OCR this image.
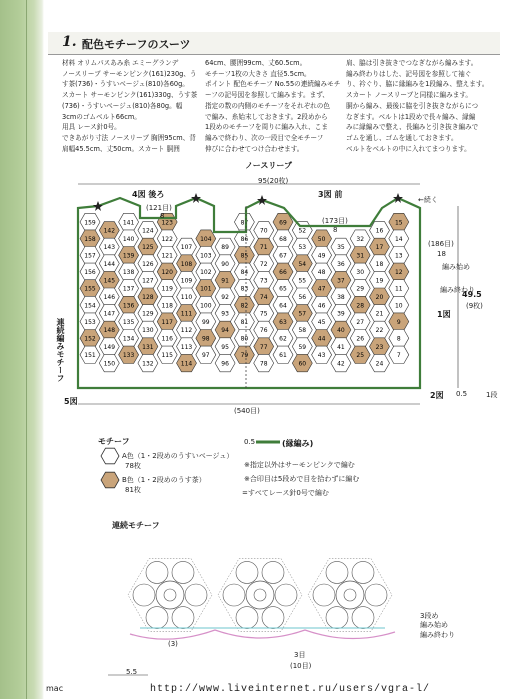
1. 配色モチーフのスーツ
材料 オリムパスあみ糸 エミーグランデ
ノースリーブ サーモンピンク(161)230g、う
す茶(736)・うすいベージュ(810)各60g。
スカート サーモンピンク(161)330g、うす茶
(736)・うすいベージュ(810)各80g。幅
3cmのゴムベルト66cm。
用具 レース針0号。
できあがり寸法 ノースリーブ 胸囲95cm、背
肩幅45.5cm、丈50cm。スカート 胴囲
64cm、腰囲99cm、丈60.5cm。
モチーフ1枚の大きさ 直径5.5cm。
ポイント 配色モチーフ No.55の連続編みモチ
ーフの記号図を参照して編みます。まず、
指定の数の内側のモチーフをそれぞれの色
で編み、糸始末しておきます。2段めから
1段めのモチーフを周りに編み入れ、こま
編みで終わり、次の一段目で全モチーフ
伸びに合わせてつけ合わせます。
肩、脇は引き抜きでつなぎながら編みます。
編み終わりはした、記号図を参照して袖ぐ
り、衿ぐり、脇に縁編みを1段編み、整えます。
スカート ノースリーブと同様に編みます。
胴から編み、最後に脇を引き抜きながらにつ
なぎます。ベルトは1段めで長々編み、縁編
みに縁編みで整え、長編みと引き抜き編みで
ゴムを通し、ゴムを通しておきます。
ベルトをベルトの中に入れてまつります。
159
142
141
124
123	87
70
69
52	16
15
158
143
140
125
122
107
104
89
86
71
68
53
50
35
32
17
14
157
144
139
126
121
108
103
90
85
72
67
54
49
36
31
18
13
156
145
138
127
120
109
102
91
84
73
66
55
48
37
30
19
12
155
146
137
128
119
110
101
92
83
74
65
56
47
38
29
20
11
154
147
136
129
118
111
100
93
82
75
64
57
46
39
28
21
10
153
148
135
130
117
112
99
94
81
76
63
58
45
40
27
22
9
152
149
134
131
116
113
98
95
80
77
62
59
44
41
26
23
8
151
150
133
132
115
114
97
96
79
78
61
60
43
42
25
24
7
ノースリーブ
95(20枚)
4図 後ろ	3図 前
(121目)
8
(173目)
8
(186目)
18
編み始め
編み終わり
49.5
(9枚)
1図
2図 0.5	1段
5図
(540目)
←続く
連続編みモチーフ
モチーフ
A色（1・2段めのうすいベージュ）
78枚
B色（1・2段めのうす茶）
81枚
0.5	(縁編み)
※指定以外はサーモンピンクで編む
※合印目は5段めで目を拾わずに編む
=すべてレース針0号で編む
連続モチーフ
(3)
(10目)
3目
5.5
3段め
編み始め
編み終わり
mac	http://www.liveinternet.ru/users/vgra-l/
